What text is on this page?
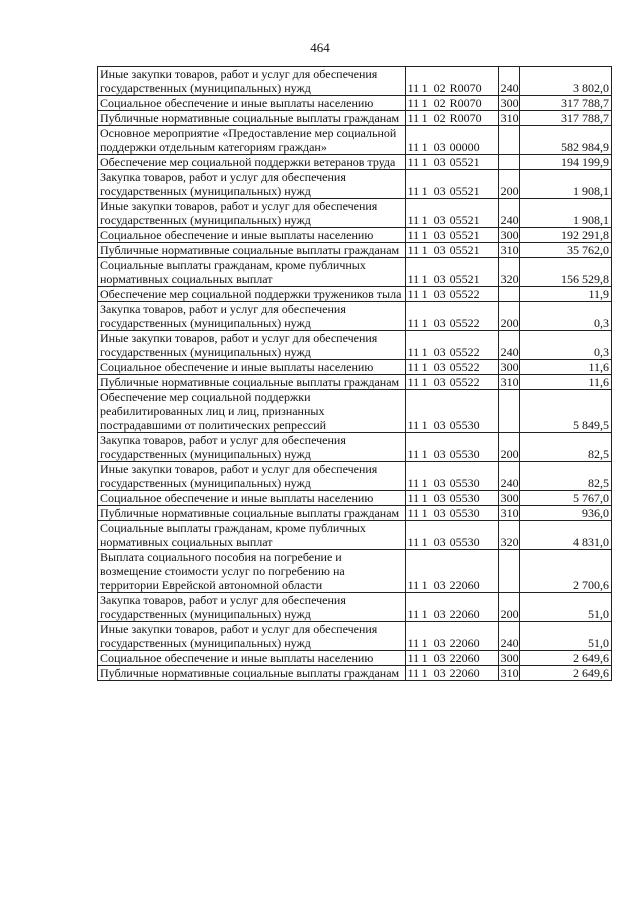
464
Иные закупки товаров, работ и услуг для обеспечения государственных (муниципальных) нужд	11 1 02 R0070	240	3 802,0
Социальное обеспечение и иные выплаты населению	11 1 02 R0070	300	317 788,7
Публичные нормативные социальные выплаты гражданам	11 1 02 R0070	310	317 788,7
Основное мероприятие «Предоставление мер социальной поддержки отдельным категориям граждан»	11 1 03 00000		582 984,9
Обеспечение мер социальной поддержки ветеранов труда	11 1 03 05521		194 199,9
Закупка товаров, работ и услуг для обеспечения государственных (муниципальных) нужд	11 1 03 05521	200	1 908,1
Иные закупки товаров, работ и услуг для обеспечения государственных (муниципальных) нужд	11 1 03 05521	240	1 908,1
Социальное обеспечение и иные выплаты населению	11 1 03 05521	300	192 291,8
Публичные нормативные социальные выплаты гражданам	11 1 03 05521	310	35 762,0
Социальные выплаты гражданам, кроме публичных нормативных социальных выплат	11 1 03 05521	320	156 529,8
Обеспечение мер социальной поддержки тружеников тыла	11 1 03 05522		11,9
Закупка товаров, работ и услуг для обеспечения государственных (муниципальных) нужд	11 1 03 05522	200	0,3
Иные закупки товаров, работ и услуг для обеспечения государственных (муниципальных) нужд	11 1 03 05522	240	0,3
Социальное обеспечение и иные выплаты населению	11 1 03 05522	300	11,6
Публичные нормативные социальные выплаты гражданам	11 1 03 05522	310	11,6
Обеспечение мер социальной поддержки реабилитированных лиц и лиц, признанных пострадавшими от политических репрессий	11 1 03 05530		5 849,5
Закупка товаров, работ и услуг для обеспечения государственных (муниципальных) нужд	11 1 03 05530	200	82,5
Иные закупки товаров, работ и услуг для обеспечения государственных (муниципальных) нужд	11 1 03 05530	240	82,5
Социальное обеспечение и иные выплаты населению	11 1 03 05530	300	5 767,0
Публичные нормативные социальные выплаты гражданам	11 1 03 05530	310	936,0
Социальные выплаты гражданам, кроме публичных нормативных социальных выплат	11 1 03 05530	320	4 831,0
Выплата социального пособия на погребение и возмещение стоимости услуг по погребению на территории Еврейской автономной области	11 1 03 22060		2 700,6
Закупка товаров, работ и услуг для обеспечения государственных (муниципальных) нужд	11 1 03 22060	200	51,0
Иные закупки товаров, работ и услуг для обеспечения государственных (муниципальных) нужд	11 1 03 22060	240	51,0
Социальное обеспечение и иные выплаты населению	11 1 03 22060	300	2 649,6
Публичные нормативные социальные выплаты гражданам	11 1 03 22060	310	2 649,6
